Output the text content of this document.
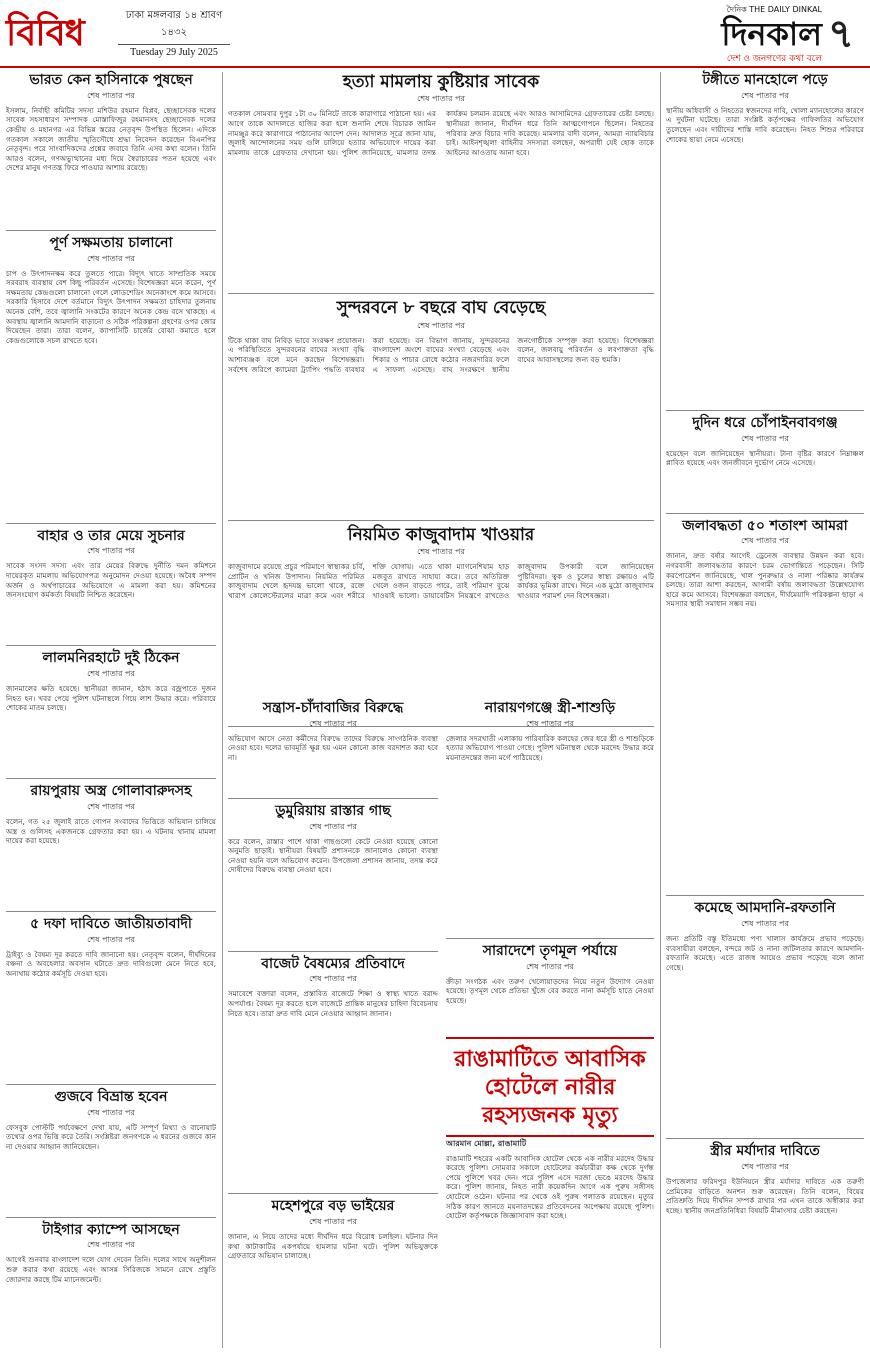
বিবিধ	ঢাকা মঙ্গলবার ১৪ শ্রাবণ ১৪৩২
Tuesday 29 July 2025
দৈনিক THE DAILY DINKAL
দিনকাল
দেশ ও জনগণের কথা বলে
৭
ভারত কেন হাসিনাকে পুষছেন
শেষ পাতার পর
ইসলাম, নির্বাহী কমিটির সদস্য মশিউর রহমান বিপ্লব, ছেচ্ছাসেবক দলের সাবেক সহসাধারণ সম্পাদক মোস্তাফিজুর রহমানসহ ছেচ্ছাসেবক দলের কেন্দ্রীয় ও মহানগর এর বিভিন্ন স্তরের নেতৃবৃন্দ উপস্থিত ছিলেন। এদিকে গতকাল সকালে জাতীয় স্মৃতিসৌধে শ্রদ্ধা নিবেদন করেছেন বিএনপির নেতৃবৃন্দ। পরে সাংবাদিকদের প্রশ্নের জবাবে তিনি এসব কথা বলেন। তিনি আরও বলেন, গণঅভ্যুত্থানের মধ্য দিয়ে স্বৈরাচারের পতন হয়েছে এবং দেশের মানুষ গণতন্ত্র ফিরে পাওয়ার আশায় রয়েছে।
পূর্ণ সক্ষমতায় চালানো
শেষ পাতার পর
চাপ ও উৎপাদনক্ষম করে তুলতে পারে। বিদ্যুৎ খাতে সাম্প্রতিক সময়ে সরবরাহ ব্যবস্থায় বেশ কিছু পরিবর্তন এসেছে। বিশেষজ্ঞরা মনে করেন, পূর্ণ সক্ষমতায় কেন্দ্রগুলো চালানো গেলে লোডশেডিং অনেকাংশে কমে আসবে। সরকারি হিসাবে দেশে বর্তমানে বিদ্যুৎ উৎপাদন সক্ষমতা চাহিদার তুলনায় অনেক বেশি, তবে জ্বালানি সংকটের কারণে অনেক কেন্দ্র বসে থাকছে। এ অবস্থায় জ্বালানি আমদানি বাড়ানো ও সঠিক পরিকল্পনা গ্রহণের ওপর জোর দিয়েছেন তারা। তারা বলেন, ক্যাপাসিটি চার্জের বোঝা কমাতে হলে কেন্দ্রগুলোকে সচল রাখতে হবে।
বাহার ও তার মেয়ে সুচনার
শেষ পাতার পর
সাবেক সংসদ সদস্য এবং তার মেয়ের বিরুদ্ধে দুর্নীতি দমন কমিশনে দায়েরকৃত মামলায় অভিযোগপত্র অনুমোদন দেওয়া হয়েছে। অবৈধ সম্পদ অর্জন ও অর্থপাচারের অভিযোগে এ মামলা করা হয়। কমিশনের জনসংযোগ কর্মকর্তা বিষয়টি নিশ্চিত করেছেন।
লালমনিরহাটে দুই ঠিকেন
শেষ পাতার পর
জানমালের ক্ষতি হয়েছে। স্থানীয়রা জানান, হঠাৎ করে বজ্রপাতে দুজন নিহত হন। খবর পেয়ে পুলিশ ঘটনাস্থলে গিয়ে লাশ উদ্ধার করে। পরিবারে শোকের মাতম চলছে।
রায়পুরায় অস্ত্র গোলাবারুদসহ
শেষ পাতার পর
বলেন, গত ২৫ জুলাই রাতে গোপন সংবাদের ভিত্তিতে অভিযান চালিয়ে অস্ত্র ও গুলিসহ একজনকে গ্রেফতার করা হয়। এ ঘটনায় থানায় মামলা দায়ের করা হয়েছে।
৫ দফা দাবিতে জাতীয়তাবাদী
শেষ পাতার পর
ট্রাইব্যু ও বৈষম্য দূর করতে দাবি জানানো হয়। নেতৃবৃন্দ বলেন, দীর্ঘদিনের বঞ্চনা ও অবহেলার অবসান ঘটাতে দ্রুত দাবিগুলো মেনে নিতে হবে, অন্যথায় কঠোর কর্মসূচি দেওয়া হবে।
গুজবে বিভ্রান্ত হবেন
শেষ পাতার পর
ফেসবুক পোস্টটি পর্যবেক্ষণে দেখা যায়, এটি সম্পূর্ণ মিথ্যা ও বানোয়াট তথ্যের ওপর ভিত্তি করে তৈরি। সংশ্লিষ্টরা জনগণকে এ ধরনের গুজবে কান না দেওয়ার আহ্বান জানিয়েছেন।
টাইগার ক্যাম্পে আসছেন
শেষ পাতার পর
আগেই শুনবার বাংলাদেশ দলে যোগ দেবেন তিনি। দলের সাথে অনুশীলন শুরু করার কথা রয়েছে এবং আসন্ন সিরিজকে সামনে রেখে প্রস্তুতি জোরদার করছে টিম ম্যানেজমেন্ট।
হত্যা মামলায় কুষ্টিয়ার সাবেক
শেষ পাতার পর
গতকাল সোমবার দুপুর ১টা ৩০ মিনিটে তাকে কারাগারে পাঠানো হয়। এর আগে তাকে আদালতে হাজির করা হলে শুনানি শেষে বিচারক জামিন নামঞ্জুর করে কারাগারে পাঠানোর আদেশ দেন। আদালত সূত্রে জানা যায়, জুলাই আন্দোলনের সময় গুলি চালিয়ে হত্যার অভিযোগে দায়ের করা মামলায় তাকে গ্রেফতার দেখানো হয়। পুলিশ জানিয়েছে, মামলার তদন্ত কার্যক্রম চলমান রয়েছে এবং আরও আসামিদের গ্রেফতারের চেষ্টা চলছে। স্থানীয়রা জানান, দীর্ঘদিন ধরে তিনি আত্মগোপনে ছিলেন। নিহতের পরিবার দ্রুত বিচার দাবি করেছে। মামলার বাদী বলেন, আমরা ন্যায়বিচার চাই। আইনশৃঙ্খলা বাহিনীর সদস্যরা বলছেন, অপরাধী যেই হোক তাকে আইনের আওতায় আনা হবে।
সুন্দরবনে ৮ বছরে বাঘ বেড়েছে
শেষ পাতার পর
টিকে থাকা বাঘ নিবিড় ভাবে সংরক্ষণ প্রয়োজন। এ পরিস্থিতিতে সুন্দরবনের বাঘের সংখ্যা বৃদ্ধি আশাব্যঞ্জক বলে মনে করছেন বিশেষজ্ঞরা। সর্বশেষ জরিপে ক্যামেরা ট্র্যাপিং পদ্ধতি ব্যবহার করা হয়েছে। বন বিভাগ জানায়, সুন্দরবনের বাংলাদেশ অংশে বাঘের সংখ্যা বেড়েছে এবং শিকার ও পাচার রোধে কঠোর নজরদারির ফলে এ সাফল্য এসেছে। বাঘ সংরক্ষণে স্থানীয় জনগোষ্ঠীকে সম্পৃক্ত করা হয়েছে। বিশেষজ্ঞরা বলেন, জলবায়ু পরিবর্তন ও লবণাক্ততা বৃদ্ধি বাঘের আবাসস্থলের জন্য বড় হুমকি।
নিয়মিত কাজুবাদাম খাওয়ার
শেষ পাতার পর
কাজুবাদামে রয়েছে প্রচুর পরিমাণে স্বাস্থ্যকর চর্বি, প্রোটিন ও খনিজ উপাদান। নিয়মিত পরিমিত কাজুবাদাম খেলে হৃদযন্ত্র ভালো থাকে, রক্তে খারাপ কোলেস্টেরলের মাত্রা কমে এবং শরীরে শক্তি যোগায়। এতে থাকা ম্যাগনেশিয়াম হাড় মজবুত রাখতে সাহায্য করে। তবে অতিরিক্ত খেলে ওজন বাড়তে পারে, তাই পরিমাণ বুঝে খাওয়াই ভালো। ডায়াবেটিস নিয়ন্ত্রণে রাখতেও কাজুবাদাম উপকারী বলে জানিয়েছেন পুষ্টিবিদরা। ত্বক ও চুলের স্বাস্থ্য রক্ষায়ও এটি কার্যকর ভূমিকা রাখে। দিনে এক মুঠো কাজুবাদাম খাওয়ার পরামর্শ দেন বিশেষজ্ঞরা।
সন্ত্রাস-চাঁদাবাজির বিরুদ্ধে
শেষ পাতার পর
অভিযোগ আসে নেতা কর্মীদের বিরুদ্ধে তাদের বিরুদ্ধে সাংগঠনিক ব্যবস্থা নেওয়া হবে। দলের ভাবমূর্তি ক্ষুণ্ণ হয় এমন কোনো কাজ বরদাশত করা হবে না।
ডুমুরিয়ায় রাস্তার গাছ
শেষ পাতার পর
করে বলেন, রাস্তার পাশে থাকা গাছগুলো কেটে নেওয়া হয়েছে কোনো অনুমতি ছাড়াই। স্থানীয়রা বিষয়টি প্রশাসনকে জানালেও কোনো ব্যবস্থা নেওয়া হয়নি বলে অভিযোগ করেন। উপজেলা প্রশাসন জানায়, তদন্ত করে দোষীদের বিরুদ্ধে ব্যবস্থা নেওয়া হবে।
বাজেট বৈষম্যের প্রতিবাদে
শেষ পাতার পর
সমাবেশে বক্তারা বলেন, প্রস্তাবিত বাজেটে শিক্ষা ও স্বাস্থ্য খাতে বরাদ্দ অপর্যাপ্ত। বৈষম্য দূর করতে হলে বাজেটে প্রান্তিক মানুষের চাহিদা বিবেচনায় নিতে হবে। তারা দ্রুত দাবি মেনে নেওয়ার আহ্বান জানান।
মহেশপুরে বড় ভাইয়ের
শেষ পাতার পর
জানান, এ নিয়ে তাদের মধ্যে দীর্ঘদিন ধরে বিরোধ চলছিল। ঘটনার দিন কথা কাটাকাটির একপর্যায়ে হামলার ঘটনা ঘটে। পুলিশ অভিযুক্তকে গ্রেফতারে অভিযান চালাচ্ছে।
নারায়ণগঞ্জে স্ত্রী-শাশুড়ি
শেষ পাতার পর
জেলার সদরখাতী এলাকায় পারিবারিক কলহের জের ধরে স্ত্রী ও শাশুড়িকে হত্যার অভিযোগ পাওয়া গেছে। পুলিশ ঘটনাস্থল থেকে মরদেহ উদ্ধার করে ময়নাতদন্তের জন্য মর্গে পাঠিয়েছে।
সারাদেশে তৃণমূল পর্যায়ে
শেষ পাতার পর
ক্রীড়া সংগঠক এবং তরুণ খেলোয়াড়দের নিয়ে নতুন উদ্যোগ নেওয়া হয়েছে। তৃণমূল থেকে প্রতিভা খুঁজে বের করতে নানা কর্মসূচি হাতে নেওয়া হয়েছে।
রাঙামাটিতে আবাসিক হোটেলে নারীর রহস্যজনক মৃত্যু
আরমান মোল্লা, রাঙামাটি
রাঙামাটি শহরের একটি আবাসিক হোটেল থেকে এক নারীর মরদেহ উদ্ধার করেছে পুলিশ। সোমবার সকালে হোটেলের কর্মচারীরা কক্ষ থেকে দুর্গন্ধ পেয়ে পুলিশে খবর দেন। পরে পুলিশ এসে দরজা ভেঙে মরদেহ উদ্ধার করে। পুলিশ জানায়, নিহত নারী কয়েকদিন আগে এক পুরুষ সঙ্গীসহ হোটেলে ওঠেন। ঘটনার পর থেকে ওই পুরুষ পলাতক রয়েছেন। মৃত্যুর সঠিক কারণ জানতে ময়নাতদন্তের প্রতিবেদনের অপেক্ষায় রয়েছে পুলিশ। হোটেল কর্তৃপক্ষকে জিজ্ঞাসাবাদ করা হচ্ছে।
টঙ্গীতে মানহোলে পড়ে
শেষ পাতার পর
স্থানীয় অধিবাসী ও নিহতের স্বজনদের দাবি, খোলা ম্যানহোলের কারণে এ দুর্ঘটনা ঘটেছে। তারা সংশ্লিষ্ট কর্তৃপক্ষের গাফিলতির অভিযোগ তুলেছেন এবং দায়ীদের শাস্তি দাবি করেছেন। নিহত শিশুর পরিবারে শোকের ছায়া নেমে এসেছে।
দুদিন ধরে চোঁপাইনবাবগঞ্জ
শেষ পাতার পর
হয়েছেন বলে জানিয়েছেন স্থানীয়রা। টানা বৃষ্টির কারণে নিম্নাঞ্চল প্লাবিত হয়েছে এবং জনজীবনে দুর্ভোগ নেমে এসেছে।
জলাবদ্ধতা ৫০ শতাংশ আমরা
শেষ পাতার পর
জানান, দ্রুত বর্ষার আগেই ড্রেনেজ ব্যবস্থার উন্নয়ন করা হবে। নগরবাসী জলাবদ্ধতার কারণে চরম ভোগান্তিতে পড়েছেন। সিটি করপোরেশন জানিয়েছে, খাল পুনরুদ্ধার ও নালা পরিষ্কার কার্যক্রম চলছে। তারা আশা করছেন, আগামী বর্ষায় জলাবদ্ধতা উল্লেখযোগ্য হারে কমে আসবে। বিশেষজ্ঞরা বলছেন, দীর্ঘমেয়াদি পরিকল্পনা ছাড়া এ সমস্যার স্থায়ী সমাধান সম্ভব নয়।
কমেছে আমদানি-রফতানি
শেষ পাতার পর
জন্য প্রতিটি বস্তু ইতিমধ্যে পণ্য খালাস কার্যক্রমে প্রভাব পড়েছে। ব্যবসায়ীরা বলছেন, বন্দরে জট ও নানা জটিলতার কারণে আমদানি-রফতানি কমেছে। এতে রাজস্ব আয়েও প্রভাব পড়েছে বলে জানা গেছে।
স্ত্রীর মর্যাদার দাবিতে
শেষ পাতার পর
উপজেলার ফরিদপুর ইউনিয়নে স্ত্রীর মর্যাদার দাবিতে এক তরুণী প্রেমিকের বাড়িতে অনশন শুরু করেছেন। তিনি বলেন, বিয়ের প্রতিশ্রুতি দিয়ে দীর্ঘদিন সম্পর্ক রাখার পর এখন তাকে অস্বীকার করা হচ্ছে। স্থানীয় জনপ্রতিনিধিরা বিষয়টি মীমাংসার চেষ্টা করছেন।
